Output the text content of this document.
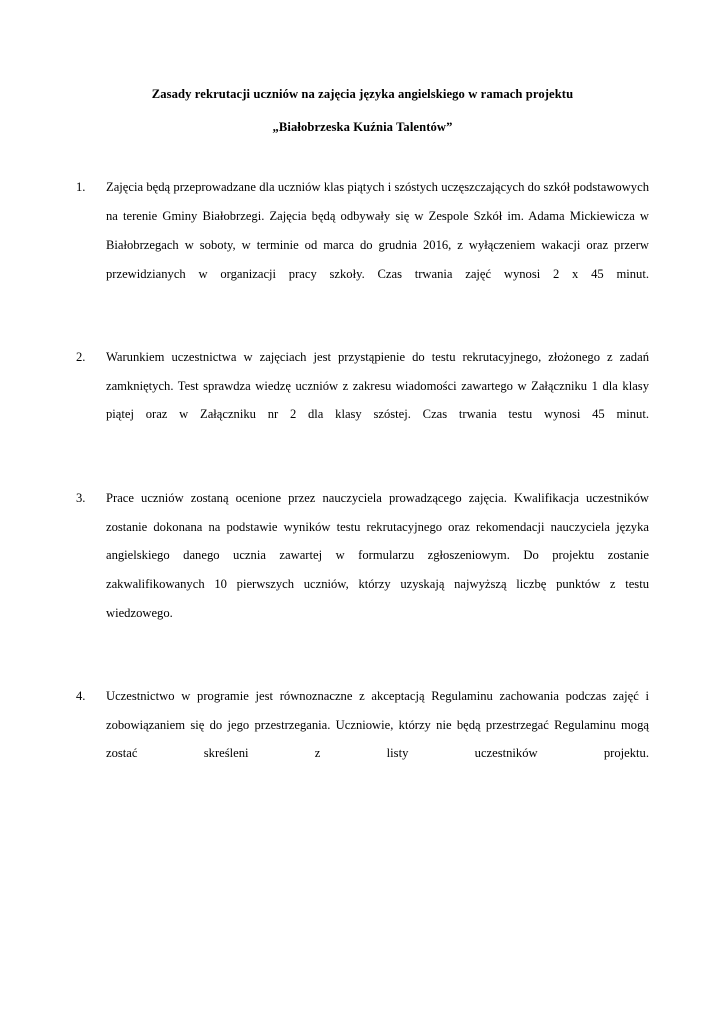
Zasady rekrutacji uczniów na zajęcia języka angielskiego w ramach projektu
„Białobrzeska Kuźnia Talentów”
1.	Zajęcia będą przeprowadzane dla uczniów klas piątych i szóstych uczęszczających do szkół podstawowych na terenie Gminy Białobrzegi. Zajęcia będą odbywały się w Zespole Szkół im. Adama Mickiewicza w Białobrzegach w soboty, w terminie od marca do grudnia 2016, z wyłączeniem wakacji oraz przerw przewidzianych w organizacji pracy szkoły. Czas trwania zajęć wynosi 2 x 45 minut.
2.	Warunkiem uczestnictwa w zajęciach jest przystąpienie do testu rekrutacyjnego, złożonego z zadań zamkniętych. Test sprawdza wiedzę uczniów z zakresu wiadomości zawartego w Załączniku 1 dla klasy piątej oraz w Załączniku nr 2 dla klasy szóstej. Czas trwania testu wynosi 45 minut.
3.	Prace uczniów zostaną ocenione przez nauczyciela prowadzącego zajęcia. Kwalifikacja uczestników zostanie dokonana na podstawie wyników testu rekrutacyjnego oraz rekomendacji nauczyciela języka angielskiego danego ucznia zawartej w formularzu zgłoszeniowym. Do projektu zostanie zakwalifikowanych 10 pierwszych uczniów, którzy uzyskają najwyższą liczbę punktów z testu wiedzowego.
4.	Uczestnictwo w programie jest równoznaczne z akceptacją Regulaminu zachowania podczas zajęć i zobowiązaniem się do jego przestrzegania. Uczniowie, którzy nie będą przestrzegać Regulaminu mogą zostać skreśleni z listy uczestników projektu.
